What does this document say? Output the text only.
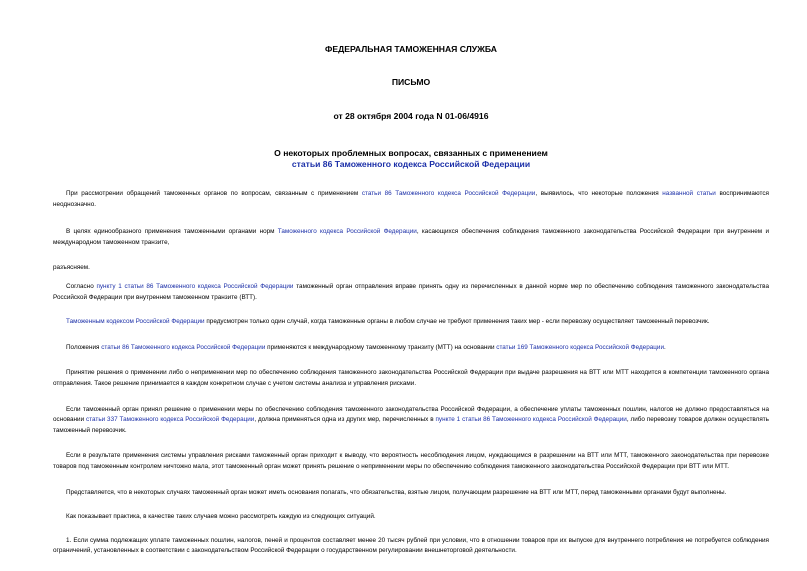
ФЕДЕРАЛЬНАЯ ТАМОЖЕННАЯ СЛУЖБА

ПИСЬМО

от 28 октября 2004 года N 01-06/4916

О некоторых проблемных вопросах, связанных с применением
статьи 86 Таможенного кодекса Российской Федерации

При рассмотрении обращений таможенных органов по вопросам, связанным с применением статьи 86 Таможенного кодекса Российской Федерации, выявилось, что некоторые положения названной статьи воспринимаются неоднозначно.

В целях единообразного применения таможенными органами норм Таможенного кодекса Российской Федерации, касающихся обеспечения соблюдения таможенного законодательства Российской Федерации при внутреннем и международном таможенном транзите,

разъясняем.

Согласно пункту 1 статьи 86 Таможенного кодекса Российской Федерации таможенный орган отправления вправе принять одну из перечисленных в данной норме мер по обеспечению соблюдения таможенного законодательства Российской Федерации при внутреннем таможенном транзите (ВТТ).

Таможенным кодексом Российской Федерации предусмотрен только один случай, когда таможенные органы в любом случае не требуют применения таких мер - если перевозку осуществляет таможенный перевозчик.

Положения статьи 86 Таможенного кодекса Российской Федерации применяются к международному таможенному транзиту (МТТ) на основании статьи 169 Таможенного кодекса Российской Федерации.

Принятие решения о применении либо о неприменении мер по обеспечению соблюдения таможенного законодательства Российской Федерации при выдаче разрешения на ВТТ или МТТ находится в компетенции таможенного органа отправления. Такое решение принимается в каждом конкретном случае с учетом системы анализа и управления рисками.

Если таможенный орган принял решение о применении меры по обеспечению соблюдения таможенного законодательства Российской Федерации, а обеспечение уплаты таможенных пошлин, налогов не должно предоставляться на основании статьи 337 Таможенного кодекса Российской Федерации, должна применяться одна из других мер, перечисленных в пункте 1 статьи 86 Таможенного кодекса Российской Федерации, либо перевозку товаров должен осуществлять таможенный перевозчик.

Если в результате применения системы управления рисками таможенный орган приходит к выводу, что вероятность несоблюдения лицом, нуждающимся в разрешении на ВТТ или МТТ, таможенного законодательства при перевозке товаров под таможенным контролем ничтожно мала, этот таможенный орган может принять решение о неприменении меры по обеспечению соблюдения таможенного законодательства Российской Федерации при ВТТ или МТТ.

Представляется, что в некоторых случаях таможенный орган может иметь основания полагать, что обязательства, взятые лицом, получающим разрешение на ВТТ или МТТ, перед таможенными органами будут выполнены.

Как показывает практика, в качестве таких случаев можно рассмотреть каждую из следующих ситуаций.

1. Если сумма подлежащих уплате таможенных пошлин, налогов, пеней и процентов составляет менее 20 тысяч рублей при условии, что в отношении товаров при их выпуске для внутреннего потребления не потребуется соблюдения ограничений, установленных в соответствии с законодательством Российской Федерации о государственном регулировании внешнеторговой деятельности.
